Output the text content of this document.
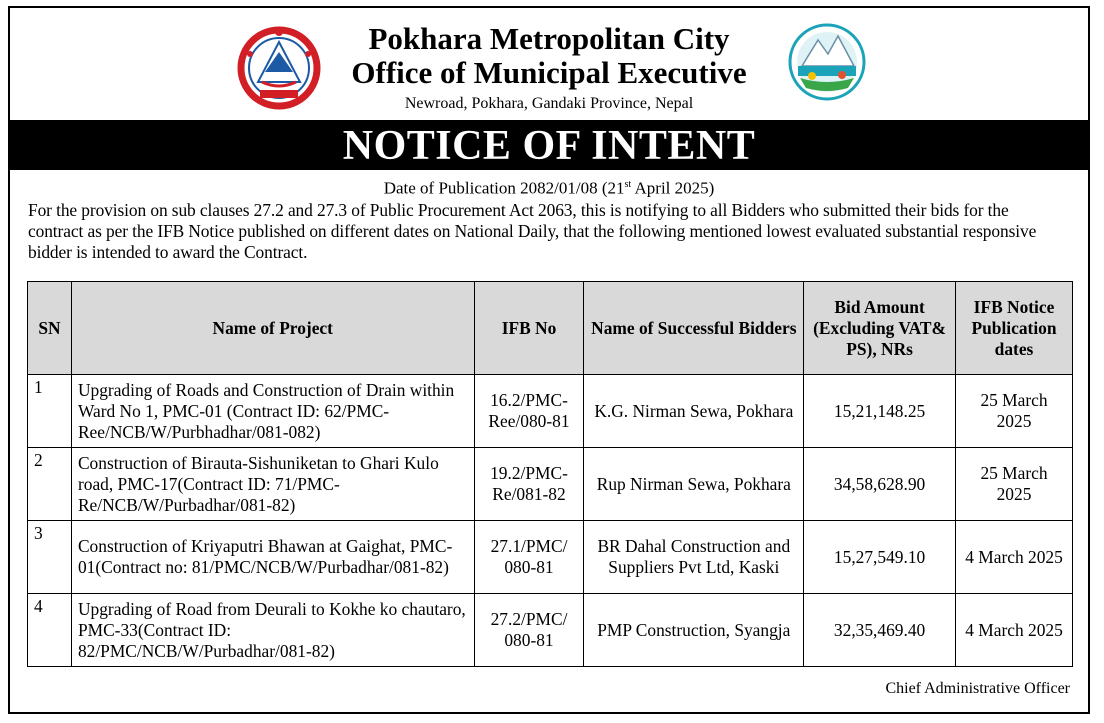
Pokhara Metropolitan City
Office of Municipal Executive
Newroad, Pokhara, Gandaki Province, Nepal
NOTICE OF INTENT
Date of Publication 2082/01/08 (21st April 2025)
For the provision on sub clauses 27.2 and 27.3 of Public Procurement Act 2063, this is notifying to all Bidders who submitted their bids for the contract as per the IFB Notice published on different dates on National Daily, that the following mentioned lowest evaluated substantial responsive bidder is intended to award the Contract.
SN	Name of Project	IFB No	Name of Successful Bidders	Bid Amount (Excluding VAT& PS), NRs	IFB Notice Publication dates
1	Upgrading of Roads and Construction of Drain within Ward No 1, PMC-01 (Contract ID: 62/PMC-Ree/NCB/W/Purbhadhar/081-082)	16.2/PMC-Ree/080-81	K.G. Nirman Sewa, Pokhara	15,21,148.25	25 March 2025
2	Construction of Birauta-Sishuniketan to Ghari Kulo road, PMC-17(Contract ID: 71/PMC-Re/NCB/W/Purbadhar/081-82)	19.2/PMC-Re/081-82	Rup Nirman Sewa, Pokhara	34,58,628.90	25 March 2025
3	Construction of Kriyaputri Bhawan at Gaighat, PMC-01(Contract no: 81/PMC/NCB/W/Purbadhar/081-82)	27.1/PMC/ 080-81	BR Dahal Construction and Suppliers Pvt Ltd, Kaski	15,27,549.10	4 March 2025
4	Upgrading of Road from Deurali to Kokhe ko chautaro, PMC-33(Contract ID: 82/PMC/NCB/W/Purbadhar/081-82)	27.2/PMC/ 080-81	PMP Construction, Syangja	32,35,469.40	4 March 2025
Chief Administrative Officer
